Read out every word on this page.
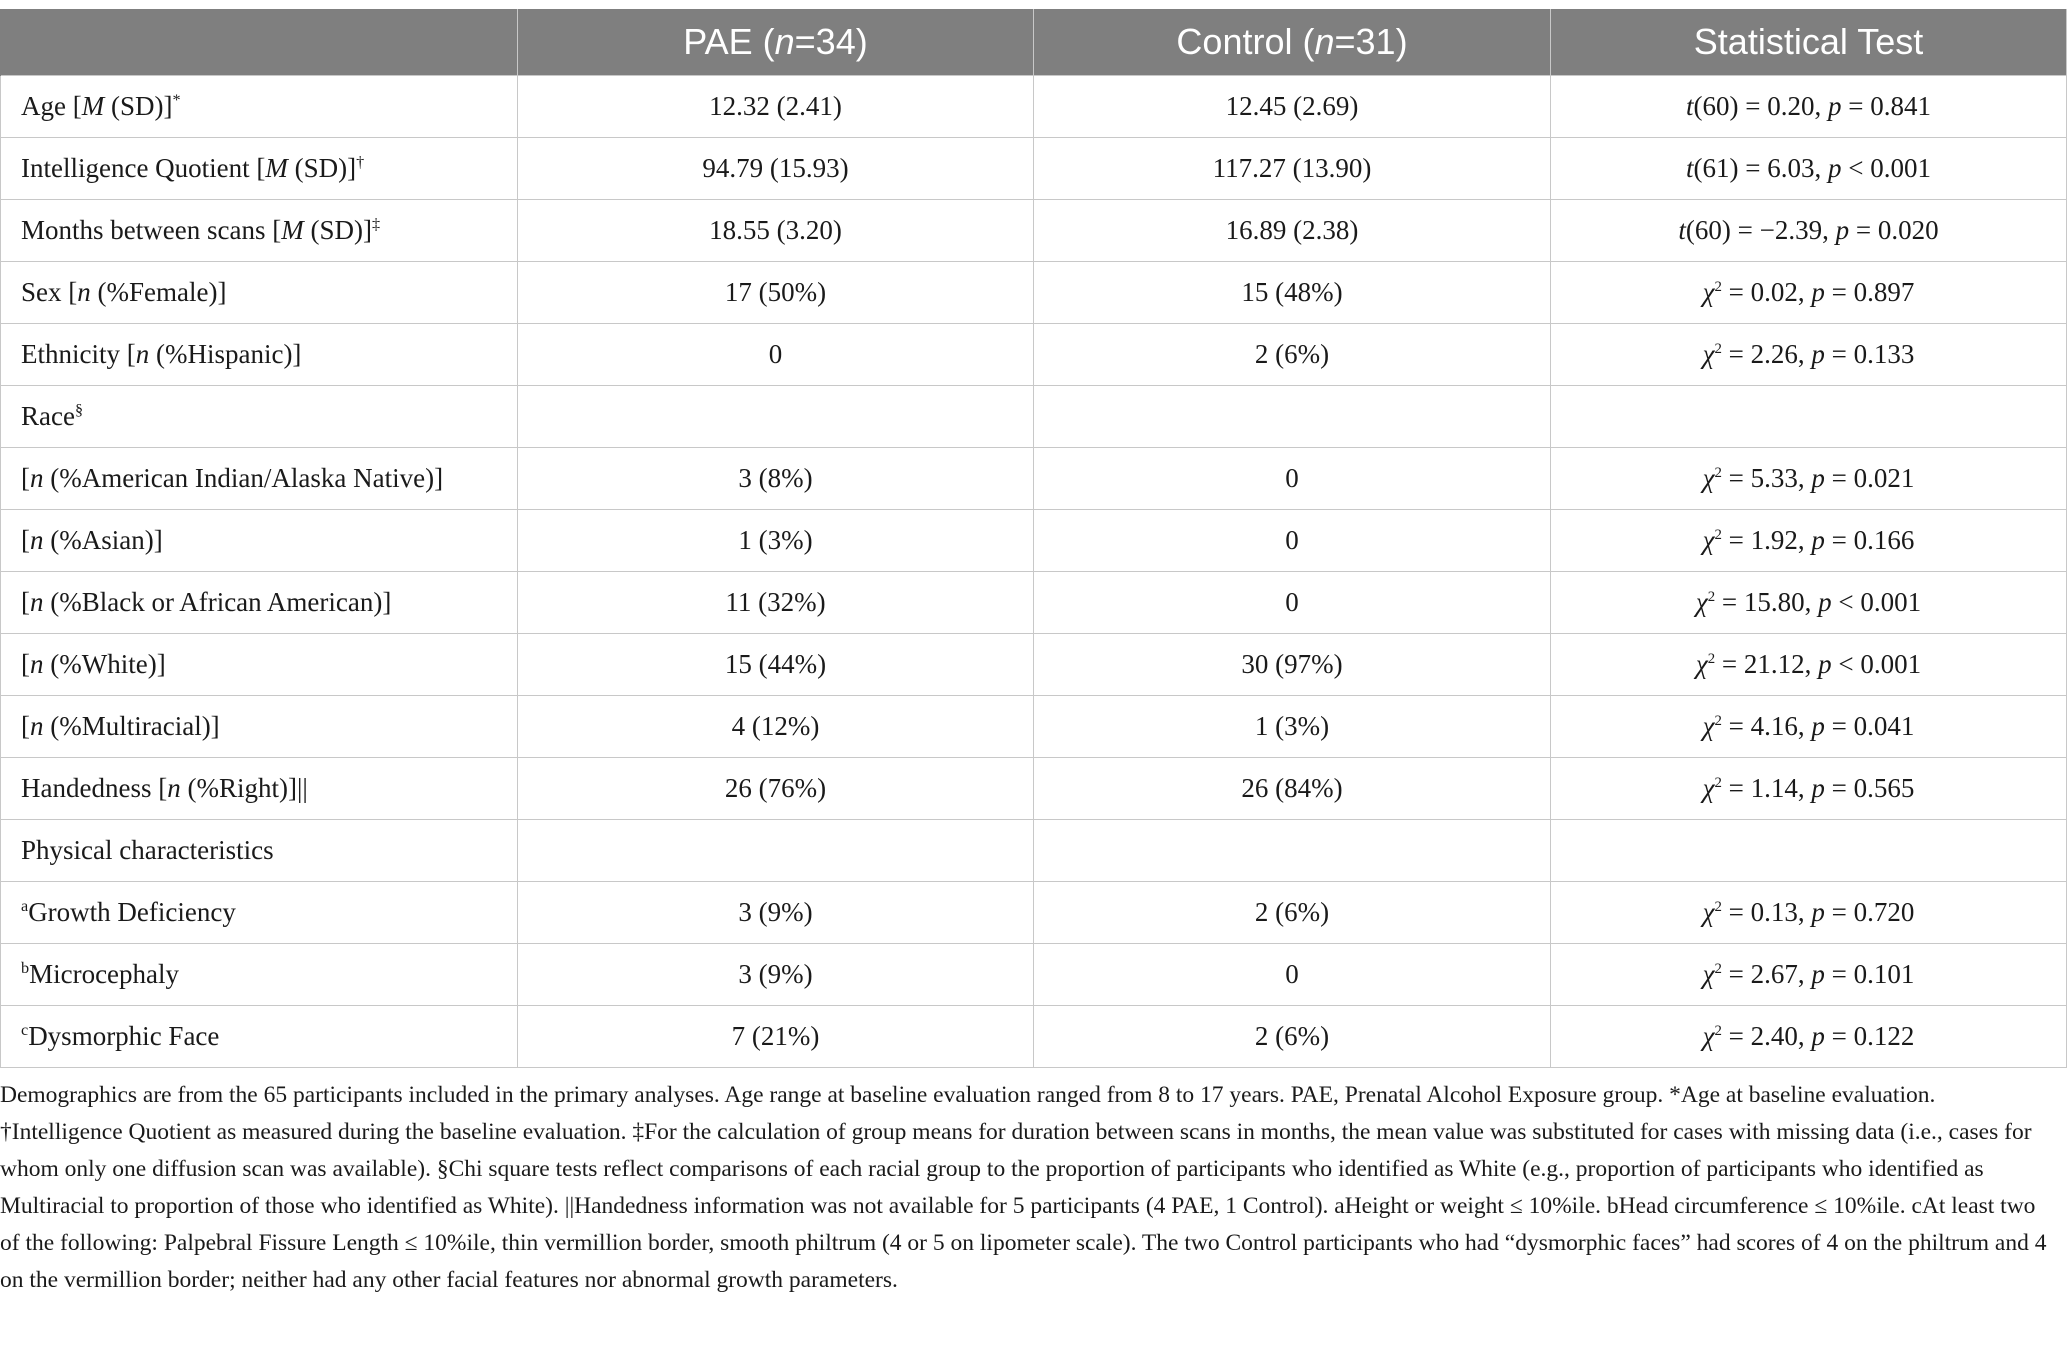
	PAE (n=34)	Control (n=31)	Statistical Test
Age [M (SD)]*	12.32 (2.41)	12.45 (2.69)	t(60) = 0.20, p = 0.841
Intelligence Quotient [M (SD)]†	94.79 (15.93)	117.27 (13.90)	t(61) = 6.03, p < 0.001
Months between scans [M (SD)]‡	18.55 (3.20)	16.89 (2.38)	t(60) = −2.39, p = 0.020
Sex [n (%Female)]	17 (50%)	15 (48%)	$\chi^2 = 0.02$, p = 0.897
Ethnicity [n (%Hispanic)]	0	2 (6%)	$\chi^2 = 2.26$, p = 0.133
Race§			
[n (%American Indian/Alaska Native)]	3 (8%)	0	$\chi^2 = 5.33$, p = 0.021
[n (%Asian)]	1 (3%)	0	$\chi^2 = 1.92$, p = 0.166
[n (%Black or African American)]	11 (32%)	0	$\chi^2 = 15.80$, p < 0.001
[n (%White)]	15 (44%)	30 (97%)	$\chi^2 = 21.12$, p < 0.001
[n (%Multiracial)]	4 (12%)	1 (3%)	$\chi^2 = 4.16$, p = 0.041
Handedness [n (%Right)]||	26 (76%)	26 (84%)	$\chi^2 = 1.14$, p = 0.565
Physical characteristics			
$^a$Growth Deficiency	3 (9%)	2 (6%)	$\chi^2 = 0.13$, p = 0.720
$^b$Microcephaly	3 (9%)	0	$\chi^2 = 2.67$, p = 0.101
$^c$Dysmorphic Face	7 (21%)	2 (6%)	$\chi^2 = 2.40$, p = 0.122
Demographics are from the 65 participants included in the primary analyses. Age range at baseline evaluation ranged from 8 to 17 years. PAE, Prenatal Alcohol Exposure group. *Age at baseline evaluation. †Intelligence Quotient as measured during the baseline evaluation. ‡For the calculation of group means for duration between scans in months, the mean value was substituted for cases with missing data (i.e., cases for whom only one diffusion scan was available). §Chi square tests reflect comparisons of each racial group to the proportion of participants who identified as White (e.g., proportion of participants who identified as Multiracial to proportion of those who identified as White). ||Handedness information was not available for 5 participants (4 PAE, 1 Control). aHeight or weight ≤ 10%ile. bHead circumference ≤ 10%ile. cAt least two of the following: Palpebral Fissure Length ≤ 10%ile, thin vermillion border, smooth philtrum (4 or 5 on lipometer scale). The two Control participants who had “dysmorphic faces” had scores of 4 on the philtrum and 4 on the vermillion border; neither had any other facial features nor abnormal growth parameters.
